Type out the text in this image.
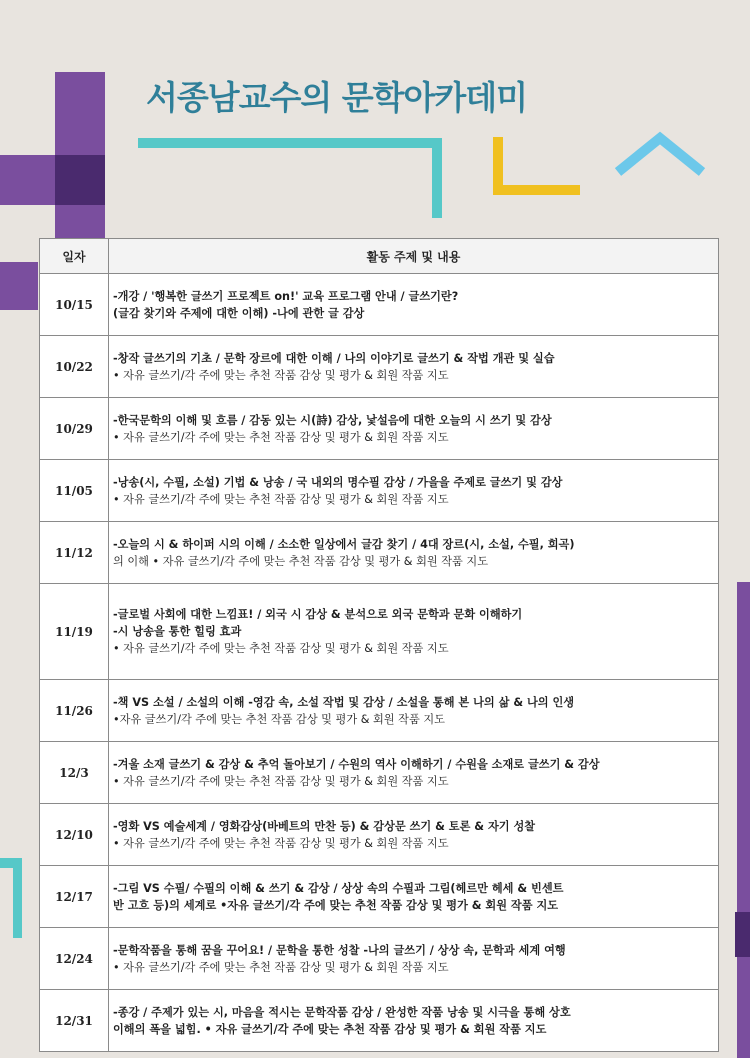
서종남교수의 문학아카데미
일자	활동 주제 및 내용
10/15	-개강 / '행복한 글쓰기 프로젝트 on!' 교육 프로그램 안내 / 글쓰기란?
(글감 찾기와 주제에 대한 이해) -나에 관한 글 감상

10/22	-창작 글쓰기의 기초 / 문학 장르에 대한 이해 / 나의 이야기로 글쓰기 & 작법 개관 및 실습
• 자유 글쓰기/각 주에 맞는 추천 작품 감상 및 평가 & 회원 작품 지도

10/29	-한국문학의 이해 및 흐름 / 감동 있는 시(詩) 감상, 낯설음에 대한 오늘의 시 쓰기 및 감상
• 자유 글쓰기/각 주에 맞는 추천 작품 감상 및 평가 & 회원 작품 지도

11/05	-낭송(시, 수필, 소설) 기법 & 낭송 / 국 내외의 명수필 감상 / 가을을 주제로 글쓰기 및 감상
• 자유 글쓰기/각 주에 맞는 추천 작품 감상 및 평가 & 회원 작품 지도

11/12	-오늘의 시 & 하이퍼 시의 이해 / 소소한 일상에서 글감 찾기 / 4대 장르(시, 소설, 수필, 희곡)
의 이해 • 자유 글쓰기/각 주에 맞는 추천 작품 감상 및 평가 & 회원 작품 지도

11/19	-글로벌 사회에 대한 느낌표! / 외국 시 감상 & 분석으로 외국 문학과 문화 이해하기
-시 낭송을 통한 힐링 효과
• 자유 글쓰기/각 주에 맞는 추천 작품 감상 및 평가 & 회원 작품 지도

11/26	-책 VS 소설 / 소설의 이해 -영감 속, 소설 작법 및 감상 / 소설을 통해 본 나의 삶 & 나의 인생
•자유 글쓰기/각 주에 맞는 추천 작품 감상 및 평가 & 회원 작품 지도

12/3	-겨울 소재 글쓰기 & 감상 & 추억 돌아보기 / 수원의 역사 이해하기 / 수원을 소재로 글쓰기 & 감상
• 자유 글쓰기/각 주에 맞는 추천 작품 감상 및 평가 & 회원 작품 지도

12/10	-영화 VS 예술세계 / 영화감상(바베트의 만찬 등) & 감상문 쓰기 & 토론 & 자기 성찰
• 자유 글쓰기/각 주에 맞는 추천 작품 감상 및 평가 & 회원 작품 지도

12/17	-그림 VS 수필/ 수필의 이해 & 쓰기 & 감상 / 상상 속의 수필과 그림(헤르만 헤세 & 빈센트
반 고흐 등)의 세계로 •자유 글쓰기/각 주에 맞는 추천 작품 감상 및 평가 & 회원 작품 지도

12/24	-문학작품을 통해 꿈을 꾸어요! / 문학을 통한 성찰 -나의 글쓰기 / 상상 속, 문학과 세계 여행
• 자유 글쓰기/각 주에 맞는 추천 작품 감상 및 평가 & 회원 작품 지도

12/31	-종강 / 주제가 있는 시, 마음을 적시는 문학작품 감상 / 완성한 작품 낭송 및 시극을 통해 상호
이해의 폭을 넓힘. • 자유 글쓰기/각 주에 맞는 추천 작품 감상 및 평가 & 회원 작품 지도
